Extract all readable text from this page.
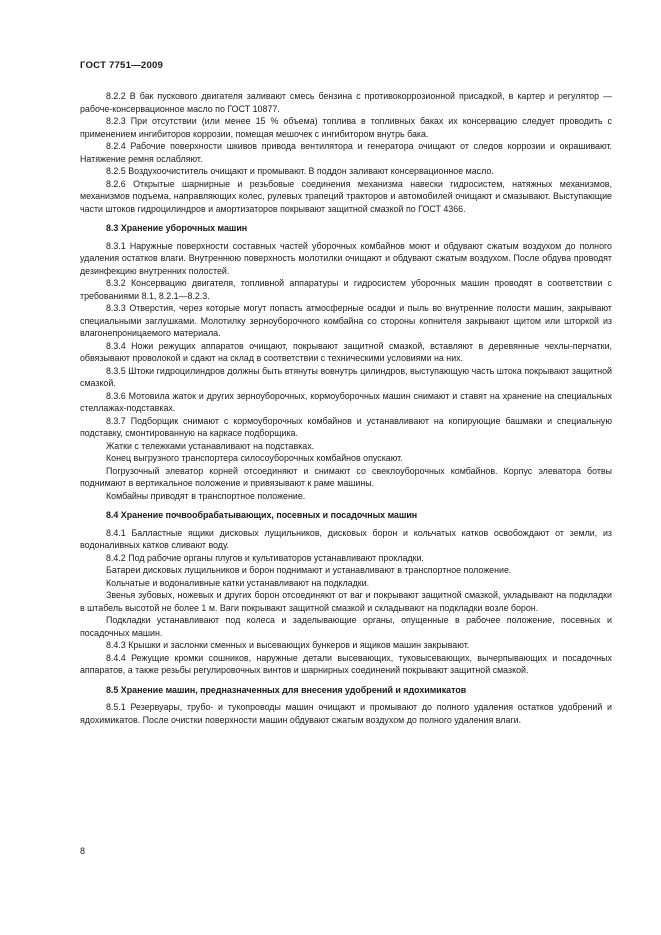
ГОСТ 7751—2009

8.2.2 В бак пускового двигателя заливают смесь бензина с противокоррозионной присадкой, в картер и регулятор — рабоче-консервационное масло по ГОСТ 10877.

8.2.3 При отсутствии (или менее 15 % объема) топлива в топливных баках их консервацию следует проводить с применением ингибиторов коррозии, помещая мешочек с ингибитором внутрь бака.

8.2.4 Рабочие поверхности шкивов привода вентилятора и генератора очищают от следов коррозии и окрашивают. Натяжение ремня ослабляют.

8.2.5 Воздухоочиститель очищают и промывают. В поддон заливают консервационное масло.

8.2.6 Открытые шарнирные и резьбовые соединения механизма навески гидросистем, натяжных механизмов, механизмов подъема, направляющих колес, рулевых трапеций тракторов и автомобилей очищают и смазывают. Выступающие части штоков гидроцилиндров и амортизаторов покрывают защитной смазкой по ГОСТ 4366.

8.3 Хранение уборочных машин

8.3.1 Наружные поверхности составных частей уборочных комбайнов моют и обдувают сжатым воздухом до полного удаления остатков влаги. Внутреннюю поверхность молотилки очищают и обдувают сжатым воздухом. После обдува проводят дезинфекцию внутренних полостей.

8.3.2 Консервацию двигателя, топливной аппаратуры и гидросистем уборочных машин проводят в соответствии с требованиями 8.1, 8.2.1—8.2.3.

8.3.3 Отверстия, через которые могут попасть атмосферные осадки и пыль во внутренние полости машин, закрывают специальными заглушками. Молотилку зерноуборочного комбайна со стороны копнителя закрывают щитом или шторкой из влагонепроницаемого материала.

8.3.4 Ножи режущих аппаратов очищают, покрывают защитной смазкой, вставляют в деревянные чехлы-перчатки, обвязывают проволокой и сдают на склад в соответствии с техническими условиями на них.

8.3.5 Штоки гидроцилиндров должны быть втянуты вовнутрь цилиндров, выступающую часть штока покрывают защитной смазкой.

8.3.6 Мотовила жаток и других зерноуборочных, кормоуборочных машин снимают и ставят на хранение на специальных стеллажах-подставках.

8.3.7 Подборщик снимают с кормоуборочных комбайнов и устанавливают на копирующие башмаки и специальную подставку, смонтированную на каркасе подборщика.

Жатки с тележками устанавливают на подставках.

Конец выгрузного транспортера силосоуборочных комбайнов опускают.

Погрузочный элеватор корней отсоединяют и снимают со свеклоуборочных комбайнов. Корпус элеватора ботвы поднимают в вертикальное положение и привязывают к раме машины.

Комбайны приводят в транспортное положение.

8.4 Хранение почвообрабатывающих, посевных и посадочных машин

8.4.1 Балластные ящики дисковых лущильников, дисковых борон и кольчатых катков освобождают от земли, из водоналивных катков сливают воду.

8.4.2 Под рабочие органы плугов и культиваторов устанавливают прокладки.

Батареи дисковых лущильников и борон поднимают и устанавливают в транспортное положение.

Кольчатые и водоналивные катки устанавливают на подкладки.

Звенья зубовых, ножевых и других борон отсоединяют от ваг и покрывают защитной смазкой, укладывают на подкладки в штабель высотой не более 1 м. Ваги покрывают защитной смазкой и складывают на подкладки возле борон.

Подкладки устанавливают под колеса и заделывающие органы, опущенные в рабочее положение, посевных и посадочных машин.

8.4.3 Крышки и заслонки сменных и высевающих бункеров и ящиков машин закрывают.

8.4.4 Режущие кромки сошников, наружные детали высевающих, туковысевающих, вычерпывающих и посадочных аппаратов, а также резьбы регулировочных винтов и шарнирных соединений покрывают защитной смазкой.

8.5 Хранение машин, предназначенных для внесения удобрений и ядохимикатов

8.5.1 Резервуары, трубо- и тукопроводы машин очищают и промывают до полного удаления остатков удобрений и ядохимикатов. После очистки поверхности машин обдувают сжатым воздухом до полного удаления влаги.

8
